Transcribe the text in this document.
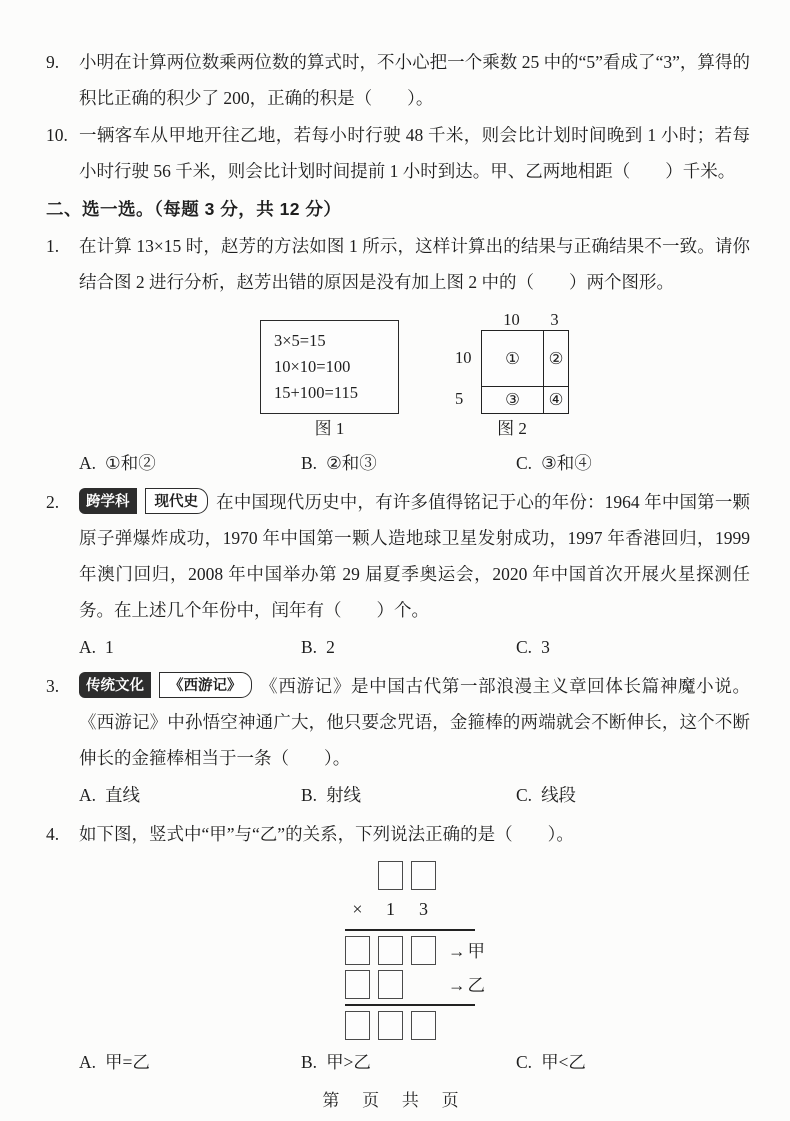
9.	小明在计算两位数乘两位数的算式时，不小心把一个乘数 25 中的“5”看成了“3”，算得的积比正确的积少了 200，正确的积是（　　）。
10. 一辆客车从甲地开往乙地，若每小时行驶 48 千米，则会比计划时间晚到 1 小时；若每小时行驶 56 千米，则会比计划时间提前 1 小时到达。甲、乙两地相距（　　）千米。
二、选一选。（每题 3 分，共 12 分）
1.	在计算 13×15 时，赵芳的方法如图 1 所示，这样计算出的结果与正确结果不一致。请你结合图 2 进行分析，赵芳出错的原因是没有加上图 2 中的（　　）两个图形。
3×5=15
10×10=100
15+100=115
图 1
10	3
10
5
①	②
③	④
图 2
A. ①和②	B. ②和③	C. ③和④
2.	跨学科 现代史 在中国现代历史中，有许多值得铭记于心的年份：1964 年中国第一颗原子弹爆炸成功，1970 年中国第一颗人造地球卫星发射成功，1997 年香港回归，1999 年澳门回归，2008 年中国举办第 29 届夏季奥运会，2020 年中国首次开展火星探测任务。在上述几个年份中，闰年有（　　）个。
A. 1	B. 2	C. 3
3.	传统文化 《西游记》 《西游记》是中国古代第一部浪漫主义章回体长篇神魔小说。《西游记》中孙悟空神通广大，他只要念咒语，金箍棒的两端就会不断伸长，这个不断伸长的金箍棒相当于一条（　　）。
A. 直线	B. 射线	C. 线段
4.	如下图，竖式中“甲”与“乙”的关系，下列说法正确的是（　　）。
×	1	3
→ 甲
→ 乙
A. 甲=乙	B. 甲>乙	C. 甲<乙
第 页 共 页
